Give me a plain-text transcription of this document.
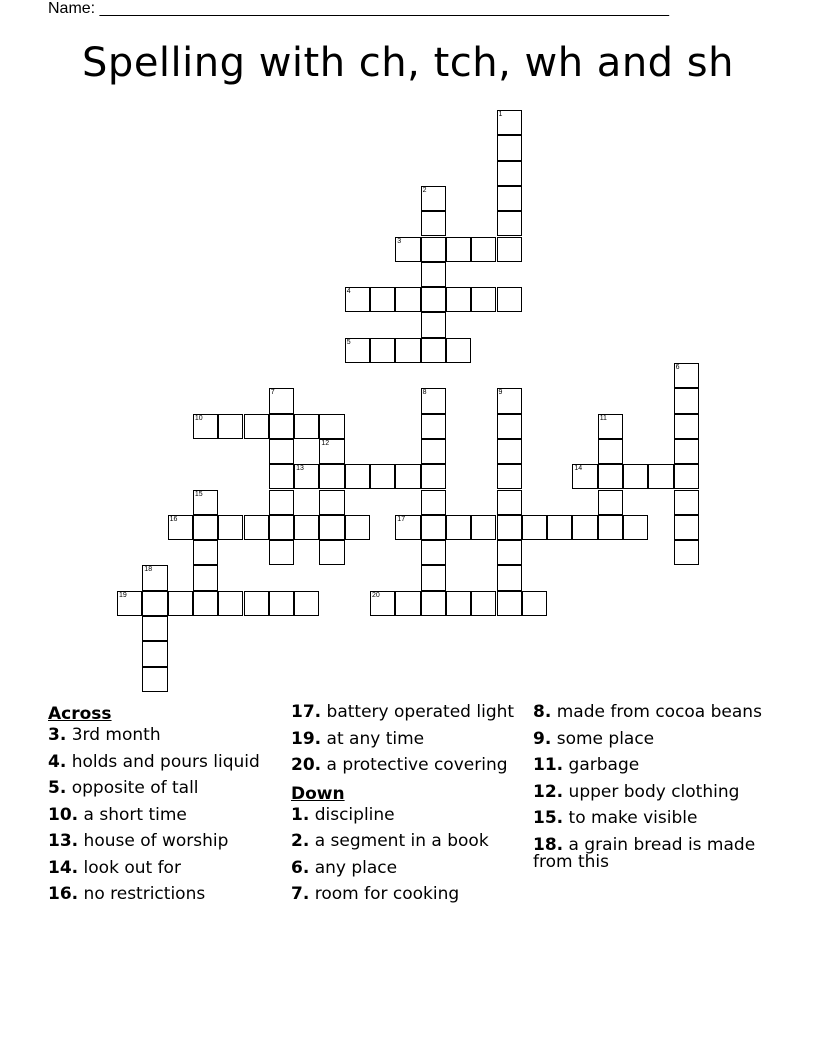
Name: ________________________________________________________________
Spelling with ch, tch, wh and sh
1
2
3
4
5
6
7	8	9
10	11
12
13	14
15
16	17
18
19	20
Across
3. 3rd month
4. holds and pours liquid
5. opposite of tall
10. a short time
13. house of worship
14. look out for
16. no restrictions
17. battery operated light
19. at any time
20. a protective covering
Down
1. discipline
2. a segment in a book
6. any place
7. room for cooking
8. made from cocoa beans
9. some place
11. garbage
12. upper body clothing
15. to make visible
18. a grain bread is made from this
